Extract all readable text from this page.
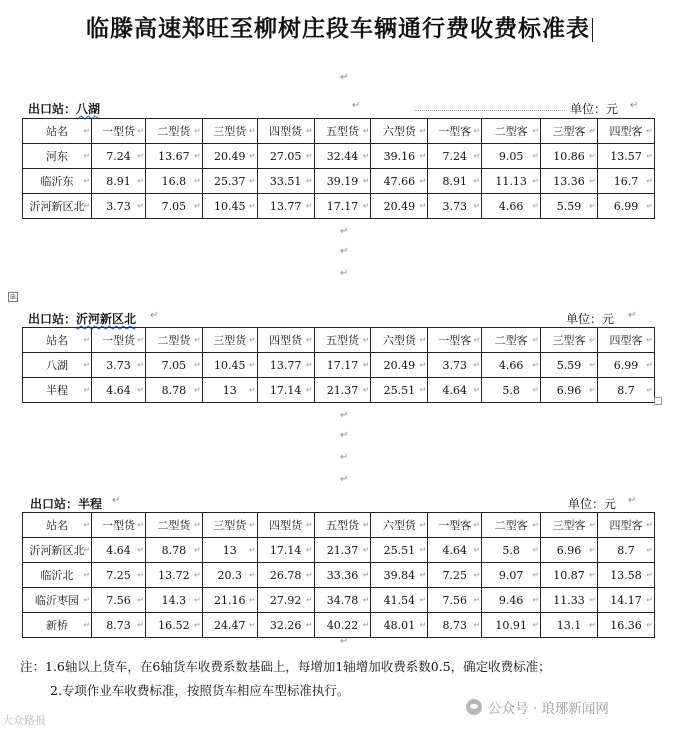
临滕高速郑旺至柳树庄段车辆通行费收费标准表
↵
出口站：八湖	↵	单位：元 ↵
站名 ↵	一型货 ↵	二型货 ↵	三型货 ↵	四型货 ↵	五型货 ↵	六型货 ↵	一型客 ↵	二型客 ↵	三型客 ↵	四型客 ↵
河东 ↵	7.24 ↵	13.67 ↵	20.49 ↵	27.05 ↵	32.44 ↵	39.16 ↵	7.24 ↵	9.05 ↵	10.86 ↵	13.57 ↵
临沂东 ↵	8.91 ↵	16.8 ↵	25.37 ↵	33.51 ↵	39.19 ↵	47.66 ↵	8.91 ↵	11.13 ↵	13.36 ↵	16.7 ↵
沂河新区北 ↵	3.73 ↵	7.05 ↵	10.45 ↵	13.77 ↵	17.17 ↵	20.49 ↵	3.73 ↵	4.66 ↵	5.59 ↵	6.99 ↵
↵
↵
↵
⊞
出口站：沂河新区北 ↵	单位：元 ↵
站名 ↵	一型货 ↵	二型货 ↵	三型货 ↵	四型货 ↵	五型货 ↵	六型货 ↵	一型客 ↵	二型客 ↵	三型客 ↵	四型客 ↵
八湖 ↵	3.73 ↵	7.05 ↵	10.45 ↵	13.77 ↵	17.17 ↵	20.49 ↵	3.73 ↵	4.66 ↵	5.59 ↵	6.99 ↵
半程 ↵	4.64 ↵	8.78 ↵	13 ↵	17.14 ↵	21.37 ↵	25.51 ↵	4.64 ↵	5.8 ↵	6.96 ↵	8.7 ↵
↵
↵
↵
↵
出口站：半程 ↵	单位：元 ↵
站名 ↵	一型货 ↵	二型货 ↵	三型货 ↵	四型货 ↵	五型货 ↵	六型货 ↵	一型客 ↵	二型客 ↵	三型客 ↵	四型客 ↵
沂河新区北 ↵	4.64 ↵	8.78 ↵	13 ↵	17.14 ↵	21.37 ↵	25.51 ↵	4.64 ↵	5.8 ↵	6.96 ↵	8.7 ↵
临沂北 ↵	7.25 ↵	13.72 ↵	20.3 ↵	26.78 ↵	33.36 ↵	39.84 ↵	7.25 ↵	9.07 ↵	10.87 ↵	13.58 ↵
临沂枣园 ↵	7.56 ↵	14.3 ↵	21.16 ↵	27.92 ↵	34.78 ↵	41.54 ↵	7.56 ↵	9.46 ↵	11.33 ↵	14.17 ↵
新桥 ↵	8.73 ↵	16.52 ↵	24.47 ↵	32.26 ↵	40.22 ↵	48.01 ↵	8.73 ↵	10.91 ↵	13.1 ↵	16.36 ↵
↵
注：1.6轴以上货车，在6轴货车收费系数基础上，每增加1轴增加收费系数0.5，确定收费标准；
2.专项作业车收费标准，按照货车相应车型标准执行。
大众路报
公众号 · 琅琊新闻网
